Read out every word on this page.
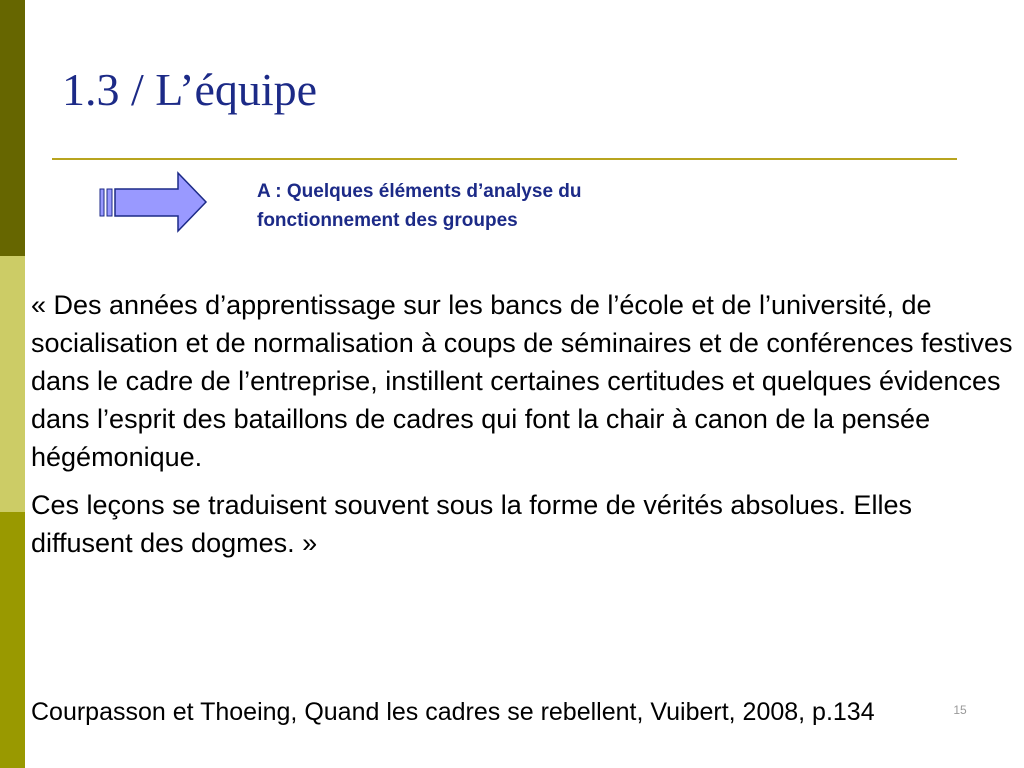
1.3 / L’équipe
A : Quelques éléments d’analyse du
fonctionnement des groupes

« Des années d’apprentissage sur les bancs de l’école et de l’université, de socialisation et de normalisation à coups de séminaires et de conférences festives dans le cadre de l’entreprise, instillent certaines certitudes et quelques évidences dans l’esprit des bataillons de cadres qui font la chair à canon de la pensée hégémonique.

Ces leçons se traduisent souvent sous la forme de vérités absolues. Elles diffusent des dogmes. »

Courpasson et Thoeing, Quand les cadres se rebellent, Vuibert, 2008, p.134	15
